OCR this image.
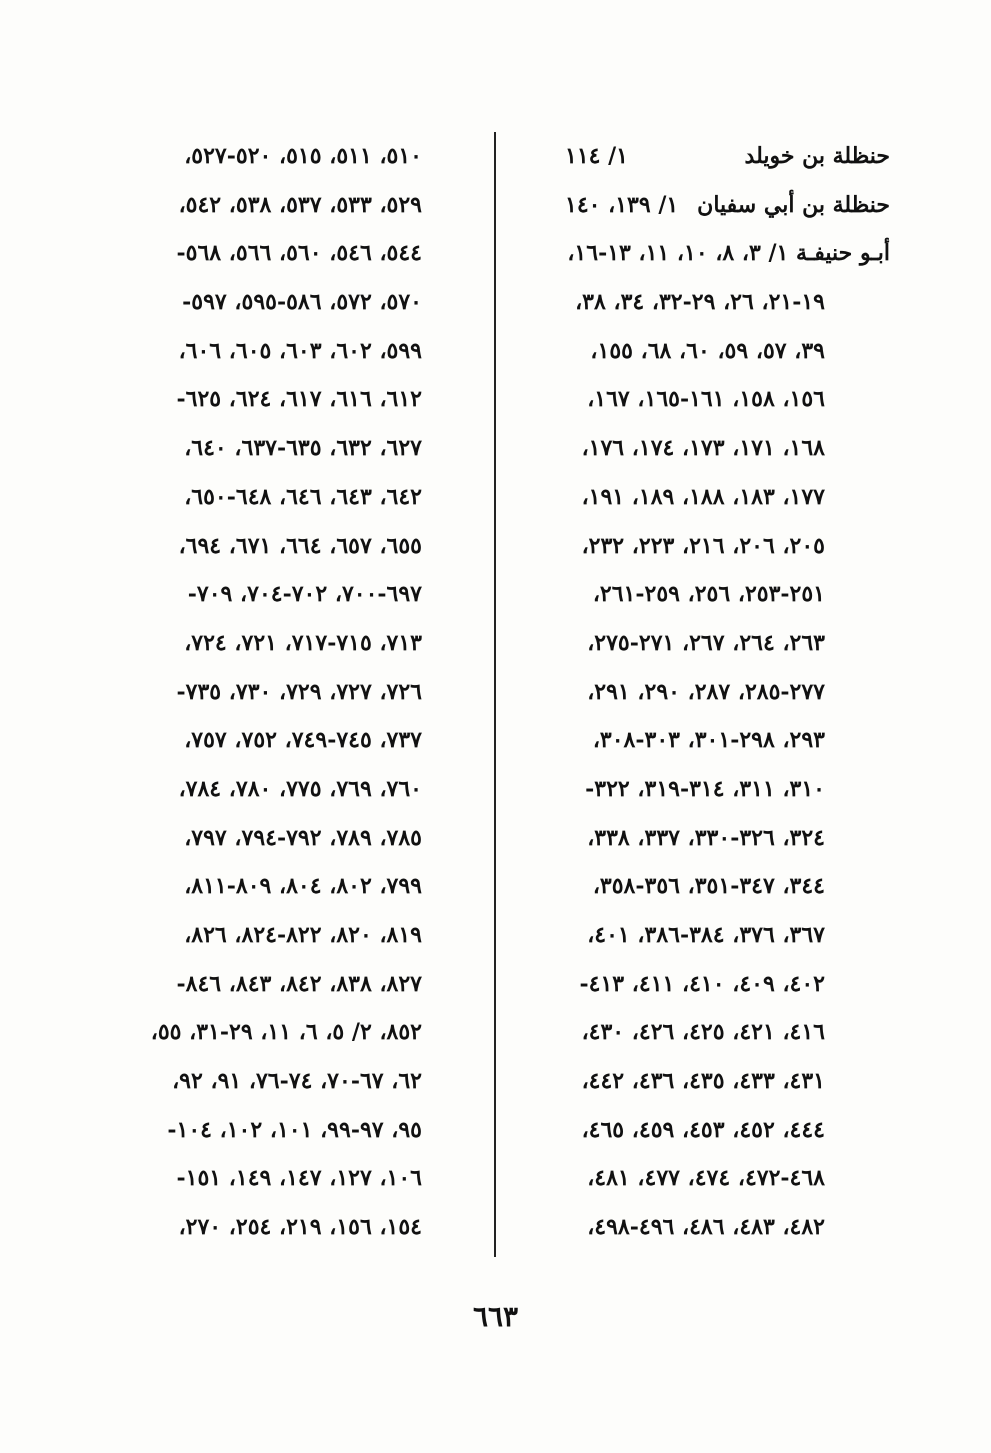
حنظلة بن خويلد
١/ ١١٤
حنظلة بن أبي سفيان
١/ ١٣٩، ١٤٠
أبـو حنيفـة ١/ ٣، ٨، ١٠، ١١، ١٣-١٦،
١٩-٢١، ٢٦، ٢٩-٣٢، ٣٤، ٣٨،
٣٩، ٥٧، ٥٩، ٦٠، ٦٨، ١٥٥،
١٥٦، ١٥٨، ١٦١-١٦٥، ١٦٧،
١٦٨، ١٧١، ١٧٣، ١٧٤، ١٧٦،
١٧٧، ١٨٣، ١٨٨، ١٨٩، ١٩١،
٢٠٥، ٢٠٦، ٢١٦، ٢٢٣، ٢٣٢،
٢٥١-٢٥٣، ٢٥٦، ٢٥٩-٢٦١،
٢٦٣، ٢٦٤، ٢٦٧، ٢٧١-٢٧٥،
٢٧٧-٢٨٥، ٢٨٧، ٢٩٠، ٢٩١،
٢٩٣، ٢٩٨-٣٠١، ٣٠٣-٣٠٨،
٣١٠، ٣١١، ٣١٤-٣١٩، ٣٢٢-
٣٢٤، ٣٢٦-٣٣٠، ٣٣٧، ٣٣٨،
٣٤٤، ٣٤٧-٣٥١، ٣٥٦-٣٥٨،
٣٦٧، ٣٧٦، ٣٨٤-٣٨٦، ٤٠١،
٤٠٢، ٤٠٩، ٤١٠، ٤١١، ٤١٣-
٤١٦، ٤٢١، ٤٢٥، ٤٢٦، ٤٣٠،
٤٣١، ٤٣٣، ٤٣٥، ٤٣٦، ٤٤٢،
٤٤٤، ٤٥٢، ٤٥٣، ٤٥٩، ٤٦٥،
٤٦٨-٤٧٢، ٤٧٤، ٤٧٧، ٤٨١،
٤٨٢، ٤٨٣، ٤٨٦، ٤٩٦-٤٩٨،
٥١٠، ٥١١، ٥١٥، ٥٢٠-٥٢٧،
٥٢٩، ٥٣٣، ٥٣٧، ٥٣٨، ٥٤٢،
٥٤٤، ٥٤٦، ٥٦٠، ٥٦٦، ٥٦٨-
٥٧٠، ٥٧٢، ٥٨٦-٥٩٥، ٥٩٧-
٥٩٩، ٦٠٢، ٦٠٣، ٦٠٥، ٦٠٦،
٦١٢، ٦١٦، ٦١٧، ٦٢٤، ٦٢٥-
٦٢٧، ٦٣٢، ٦٣٥-٦٣٧، ٦٤٠،
٦٤٢، ٦٤٣، ٦٤٦، ٦٤٨-٦٥٠،
٦٥٥، ٦٥٧، ٦٦٤، ٦٧١، ٦٩٤،
٦٩٧-٧٠٠، ٧٠٢-٧٠٤، ٧٠٩-
٧١٣، ٧١٥-٧١٧، ٧٢١، ٧٢٤،
٧٢٦، ٧٢٧، ٧٢٩، ٧٣٠، ٧٣٥-
٧٣٧، ٧٤٥-٧٤٩، ٧٥٢، ٧٥٧،
٧٦٠، ٧٦٩، ٧٧٥، ٧٨٠، ٧٨٤،
٧٨٥، ٧٨٩، ٧٩٢-٧٩٤، ٧٩٧،
٧٩٩، ٨٠٢، ٨٠٤، ٨٠٩-٨١١،
٨١٩، ٨٢٠، ٨٢٢-٨٢٤، ٨٢٦،
٨٢٧، ٨٣٨، ٨٤٢، ٨٤٣، ٨٤٦-
٨٥٢، ٢/ ٥، ٦، ١١، ٢٩-٣١، ٥٥،
٦٢، ٦٧-٧٠، ٧٤-٧٦، ٩١، ٩٢،
٩٥، ٩٧-٩٩، ١٠١، ١٠٢، ١٠٤-
١٠٦، ١٢٧، ١٤٧، ١٤٩، ١٥١-
١٥٤، ١٥٦، ٢١٩، ٢٥٤، ٢٧٠،
٦٦٣
